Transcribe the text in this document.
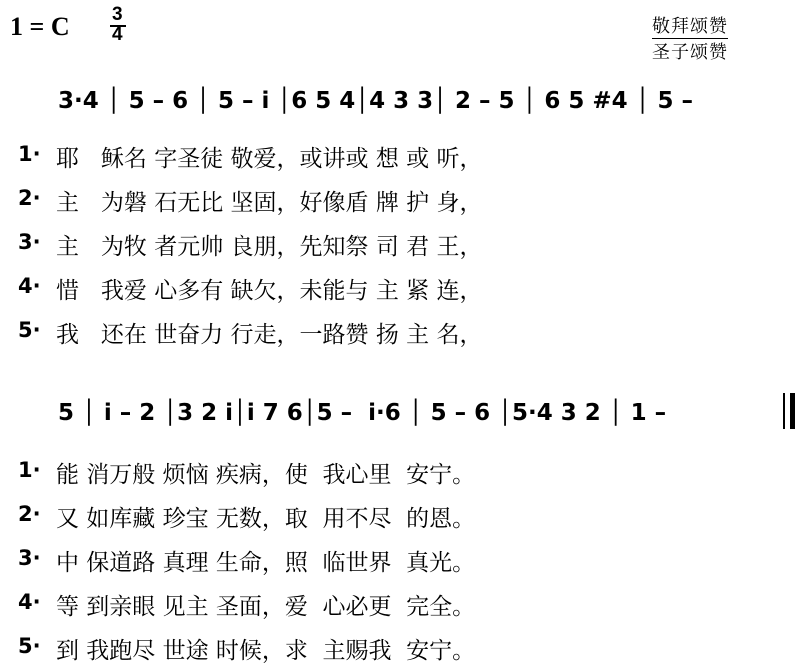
1 = C 3
4	敬拜颂赞
圣子颂赞
3·4 │ 5 – 6 │ 5 – i │6 5 4│4 3 3│ 2 – 5 │ 6 5 #4 │ 5 –
1· 耶   稣名 字圣徒 敬爱，或讲或 想 或 听，
2· 主   为磐 石无比 坚固，好像盾 牌 护 身，
3· 主   为牧 者元帅 良朋，先知祭 司 君 王，
4· 惜   我爱 心多有 缺欠，未能与 主 紧 连，
5· 我   还在 世奋力 行走，一路赞 扬 主 名，
5 │ i – 2 │3 2 i│i 7 6│5 –  i·6 │ 5 – 6 │5·4 3 2 │ 1 –
1· 能 消万般 烦恼 疾病，使  我心里  安宁。
2· 又 如库藏 珍宝 无数，取  用不尽  的恩。
3· 中 保道路 真理 生命，照  临世界  真光。
4· 等 到亲眼 见主 圣面，爱  心必更  完全。
5· 到 我跑尽 世途 时候，求  主赐我  安宁。
